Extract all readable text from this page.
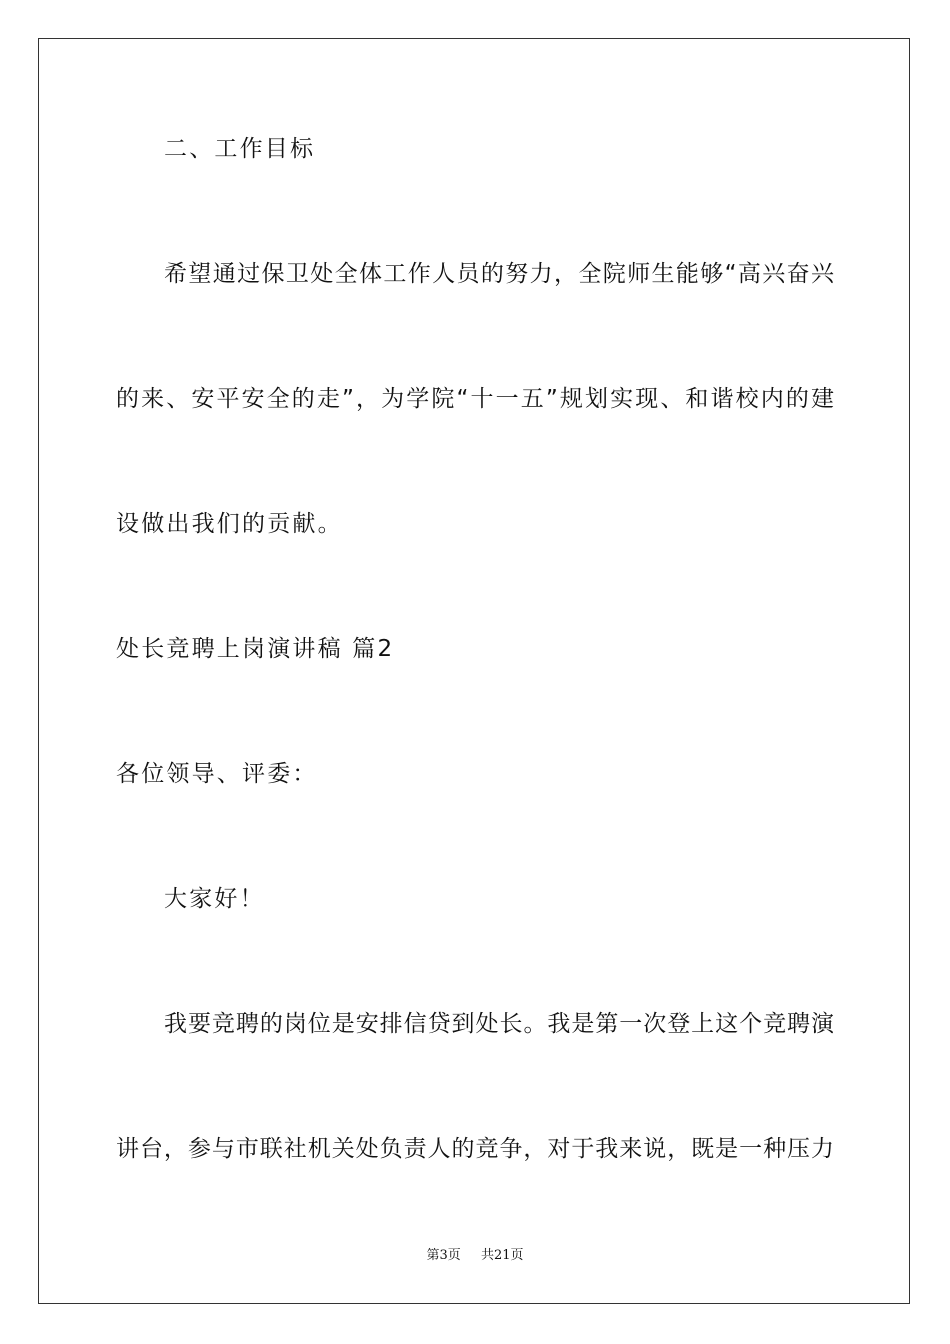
二、工作目标
希望通过保卫处全体工作人员的努力，全院师生能够“高兴奋兴
的来、安平安全的走”，为学院“十一五”规划实现、和谐校内的建
设做出我们的贡献。
处长竞聘上岗演讲稿 篇2
各位领导、评委：
大家好！
我要竞聘的岗位是安排信贷到处长。我是第一次登上这个竞聘演
讲台，参与市联社机关处负责人的竞争，对于我来说，既是一种压力
第3页 共21页
